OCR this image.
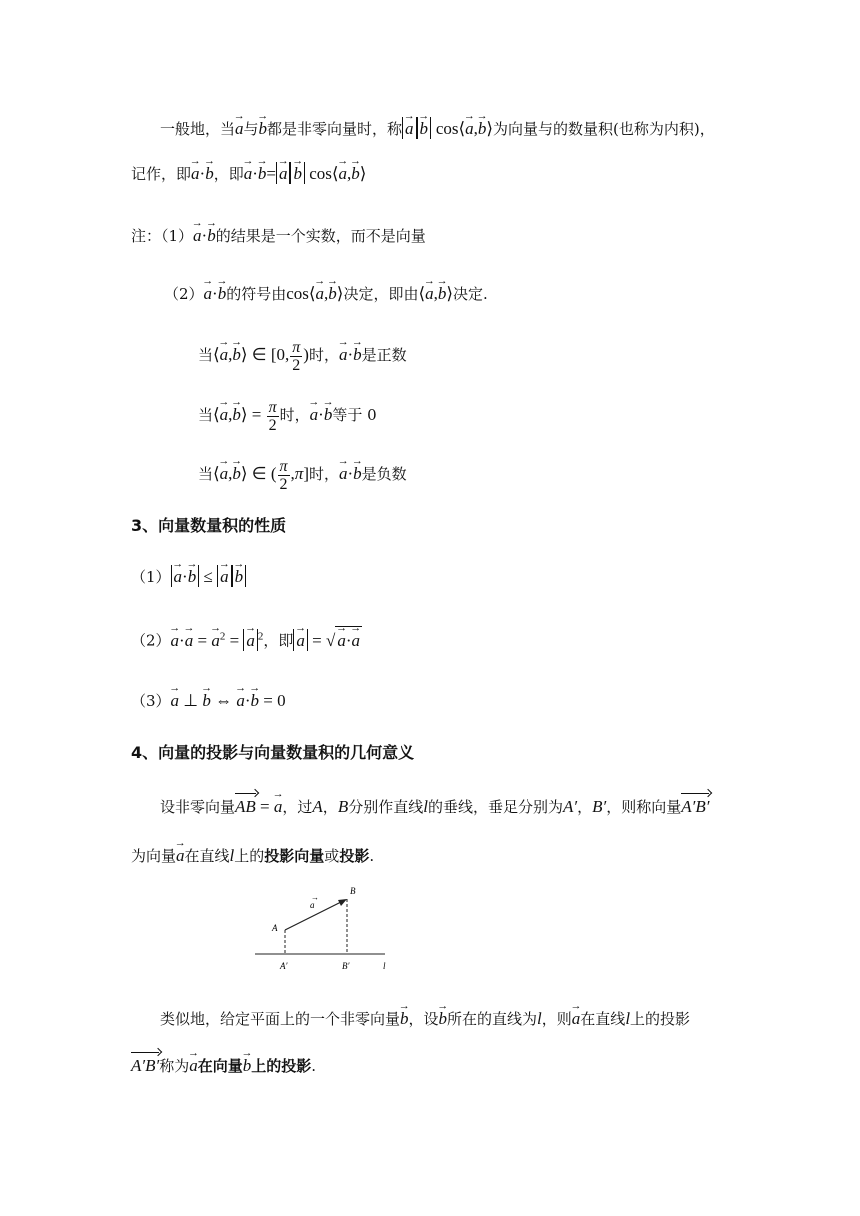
一般地，当→ a与→ b都是非零向量时，称 → a → b cos⟨→ a,→ b⟩为向量与的数量积(也称为内积)，
记作，即→ a·→ b，即→ a·→ b= → a → b cos⟨→ a,→ b⟩
注：（1）→ a·→ b的结果是一个实数，而不是向量
（2）→ a·→ b的符号由cos⟨→ a,→ b⟩决定，即由⟨→ a,→ b⟩决定.
当⟨→ a,→ b⟩ ∈ [0, $\frac{\pi}{2}$ )时，→ a·→ b是正数
当⟨→ a,→ b⟩ = $\frac{\pi}{2}$ 时，→ a·→ b等于 0
当⟨→ a,→ b⟩ ∈ ( $\frac{\pi}{2} ,\pi$]时，→ a·→ b是负数
3、向量数量积的性质
（1） → a·→ b ≤ → a → b
（2）→ a·→ a = → $a^2$ = → a $^2$，即 → a = √ → a·→ a
（3）→ a ⊥ → b ⇔ → a·→ b = 0
4、向量的投影与向量数量积的几何意义
设非零向量AB = → a，过A，B分别作直线l的垂线，垂足分别为A′，B′，则称向量A′B′
为向量→ a在直线l上的投影向量或投影.
a
→
A
B
A′	B′	l
类似地，给定平面上的一个非零向量→ b，设→ b所在的直线为l，则→ a在直线l上的投影
A′B′称为→ a在向量→ b上的投影.
